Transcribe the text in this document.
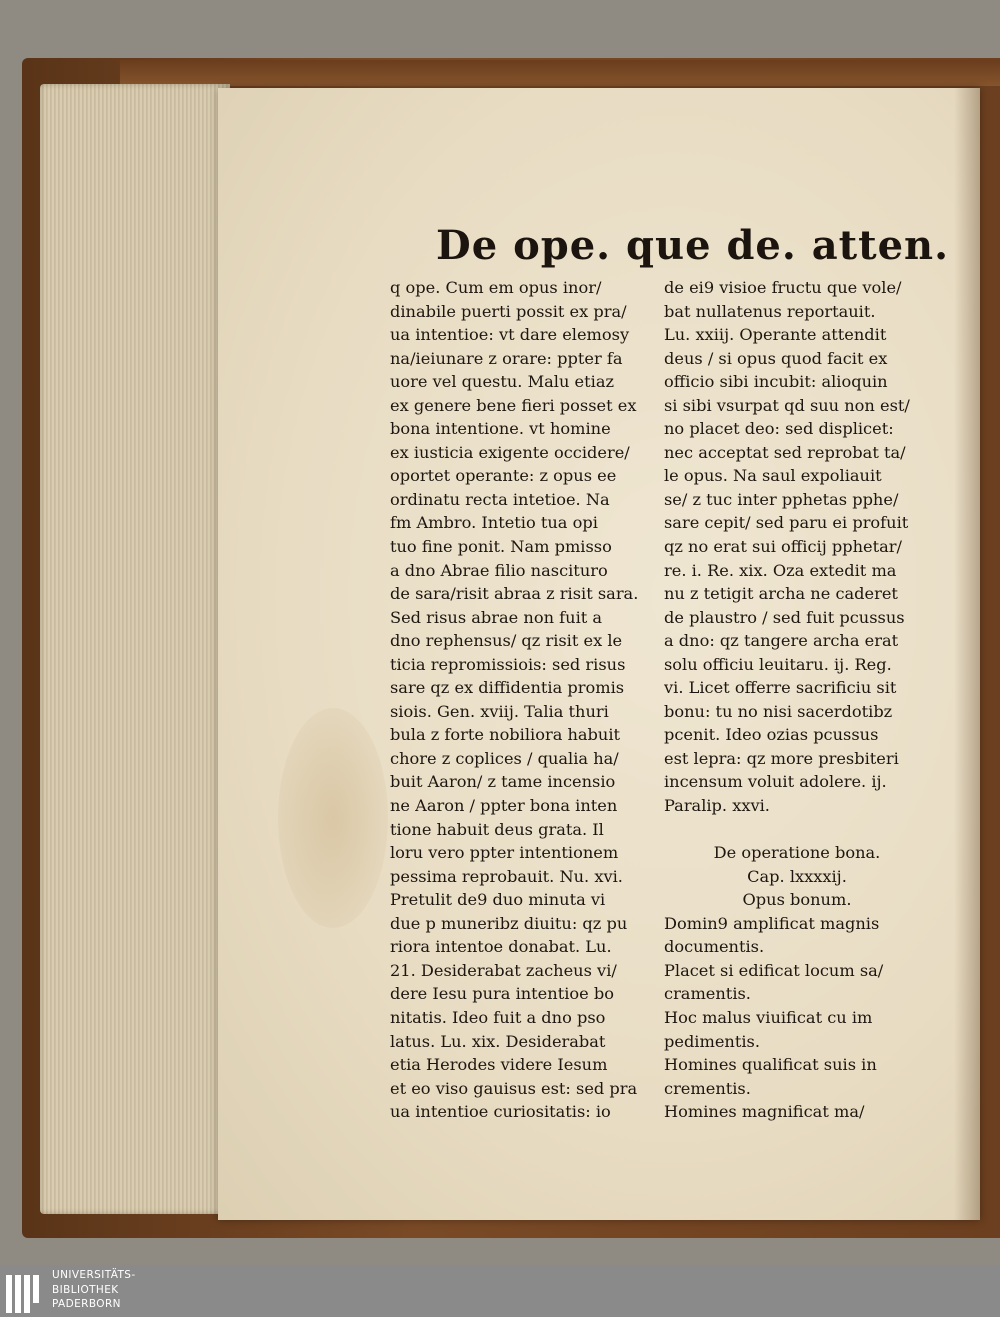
De ope. que de. atten.
q ope. Cum em opus inor/
dinabile puerti possit ex pra/
ua intentioe: vt dare elemosy
na/ieiunare z orare: ppter fa
uore vel questu. Malu etiaz
ex genere bene fieri posset ex
bona intentione. vt homine
ex iusticia exigente occidere/
oportet operante: z opus ee
ordinatu recta intetioe. Na
fm Ambro. Intetio tua opi
tuo fine ponit. Nam pmisso
a dno Abrae filio nascituro
de sara/risit abraa z risit sara.
Sed risus abrae non fuit a
dno rephensus/ qz risit ex le
ticia repromissiois: sed risus
sare qz ex diffidentia promis
siois. Gen. xviij. Talia thuri
bula z forte nobiliora habuit
chore z coplices / qualia ha/
buit Aaron/ z tame incensio
ne Aaron / ppter bona inten
tione habuit deus grata. Il
loru vero ppter intentionem
pessima reprobauit. Nu. xvi.
Pretulit de9 duo minuta vi
due p muneribz diuitu: qz pu
riora intentoe donabat. Lu.
21. Desiderabat zacheus vi/
dere Iesu pura intentioe bo
nitatis. Ideo fuit a dno pso
latus. Lu. xix. Desiderabat
etia Herodes videre Iesum
et eo viso gauisus est: sed pra
ua intentioe curiositatis: io
de ei9 visioe fructu que vole/
bat nullatenus reportauit.
Lu. xxiij. Operante attendit
deus / si opus quod facit ex
officio sibi incubit: alioquin
si sibi vsurpat qd suu non est/
no placet deo: sed displicet:
nec acceptat sed reprobat ta/
le opus. Na saul expoliauit
se/ z tuc inter pphetas pphe/
sare cepit/ sed paru ei profuit
qz no erat sui officij pphetar/
re. i. Re. xix. Oza extedit ma
nu z tetigit archa ne caderet
de plaustro / sed fuit pcussus
a dno: qz tangere archa erat
solu officiu leuitaru. ij. Reg.
vi. Licet offerre sacrificiu sit
bonu: tu no nisi sacerdotibz
pcenit. Ideo ozias pcussus
est lepra: qz more presbiteri
incensum voluit adolere. ij.
Paralip. xxvi.
De operatione bona.
Cap. lxxxxij.
Opus bonum.
Domin9 amplificat magnis
documentis.
Placet si edificat locum sa/
cramentis.
Hoc malus viuificat cu im
pedimentis.
Homines qualificat suis in
crementis.
Homines magnificat ma/
UNIVERSITÄTS-
BIBLIOTHEK
PADERBORN
